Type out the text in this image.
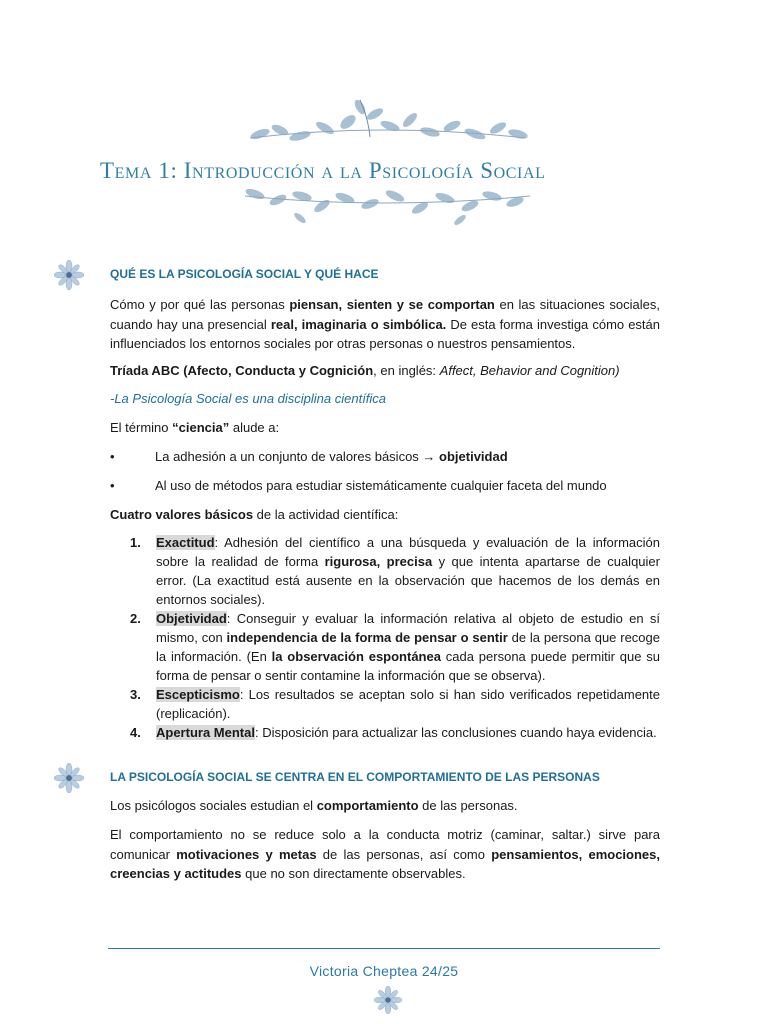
Tema 1: Introducción a la Psicología Social
QUÉ ES LA PSICOLOGÍA SOCIAL Y QUÉ HACE
Cómo y por qué las personas piensan, sienten y se comportan en las situaciones sociales, cuando hay una presencial real, imaginaria o simbólica. De esta forma investiga cómo están influenciados los entornos sociales por otras personas o nuestros pensamientos.
Tríada ABC (Afecto, Conducta y Cognición, en inglés: Affect, Behavior and Cognition)
-La Psicología Social es una disciplina científica
El término “ciencia” alude a:
•	La adhesión a un conjunto de valores básicos → objetividad
•	Al uso de métodos para estudiar sistemáticamente cualquier faceta del mundo
Cuatro valores básicos de la actividad científica:

1. Exactitud: Adhesión del científico a una búsqueda y evaluación de la información sobre la realidad de forma rigurosa, precisa y que intenta apartarse de cualquier error. (La exactitud está ausente en la observación que hacemos de los demás en entornos sociales).

2. Objetividad: Conseguir y evaluar la información relativa al objeto de estudio en sí mismo, con independencia de la forma de pensar o sentir de la persona que recoge la información. (En la observación espontánea cada persona puede permitir que su forma de pensar o sentir contamine la información que se observa).

3. Escepticismo: Los resultados se aceptan solo si han sido verificados repetidamente (replicación).

4. Apertura Mental: Disposición para actualizar las conclusiones cuando haya evidencia.

LA PSICOLOGÍA SOCIAL SE CENTRA EN EL COMPORTAMIENTO DE LAS PERSONAS
Los psicólogos sociales estudian el comportamiento de las personas.
El comportamiento no se reduce solo a la conducta motriz (caminar, saltar.) sirve para comunicar motivaciones y metas de las personas, así como pensamientos, emociones, creencias y actitudes que no son directamente observables.
Victoria Cheptea 24/25
